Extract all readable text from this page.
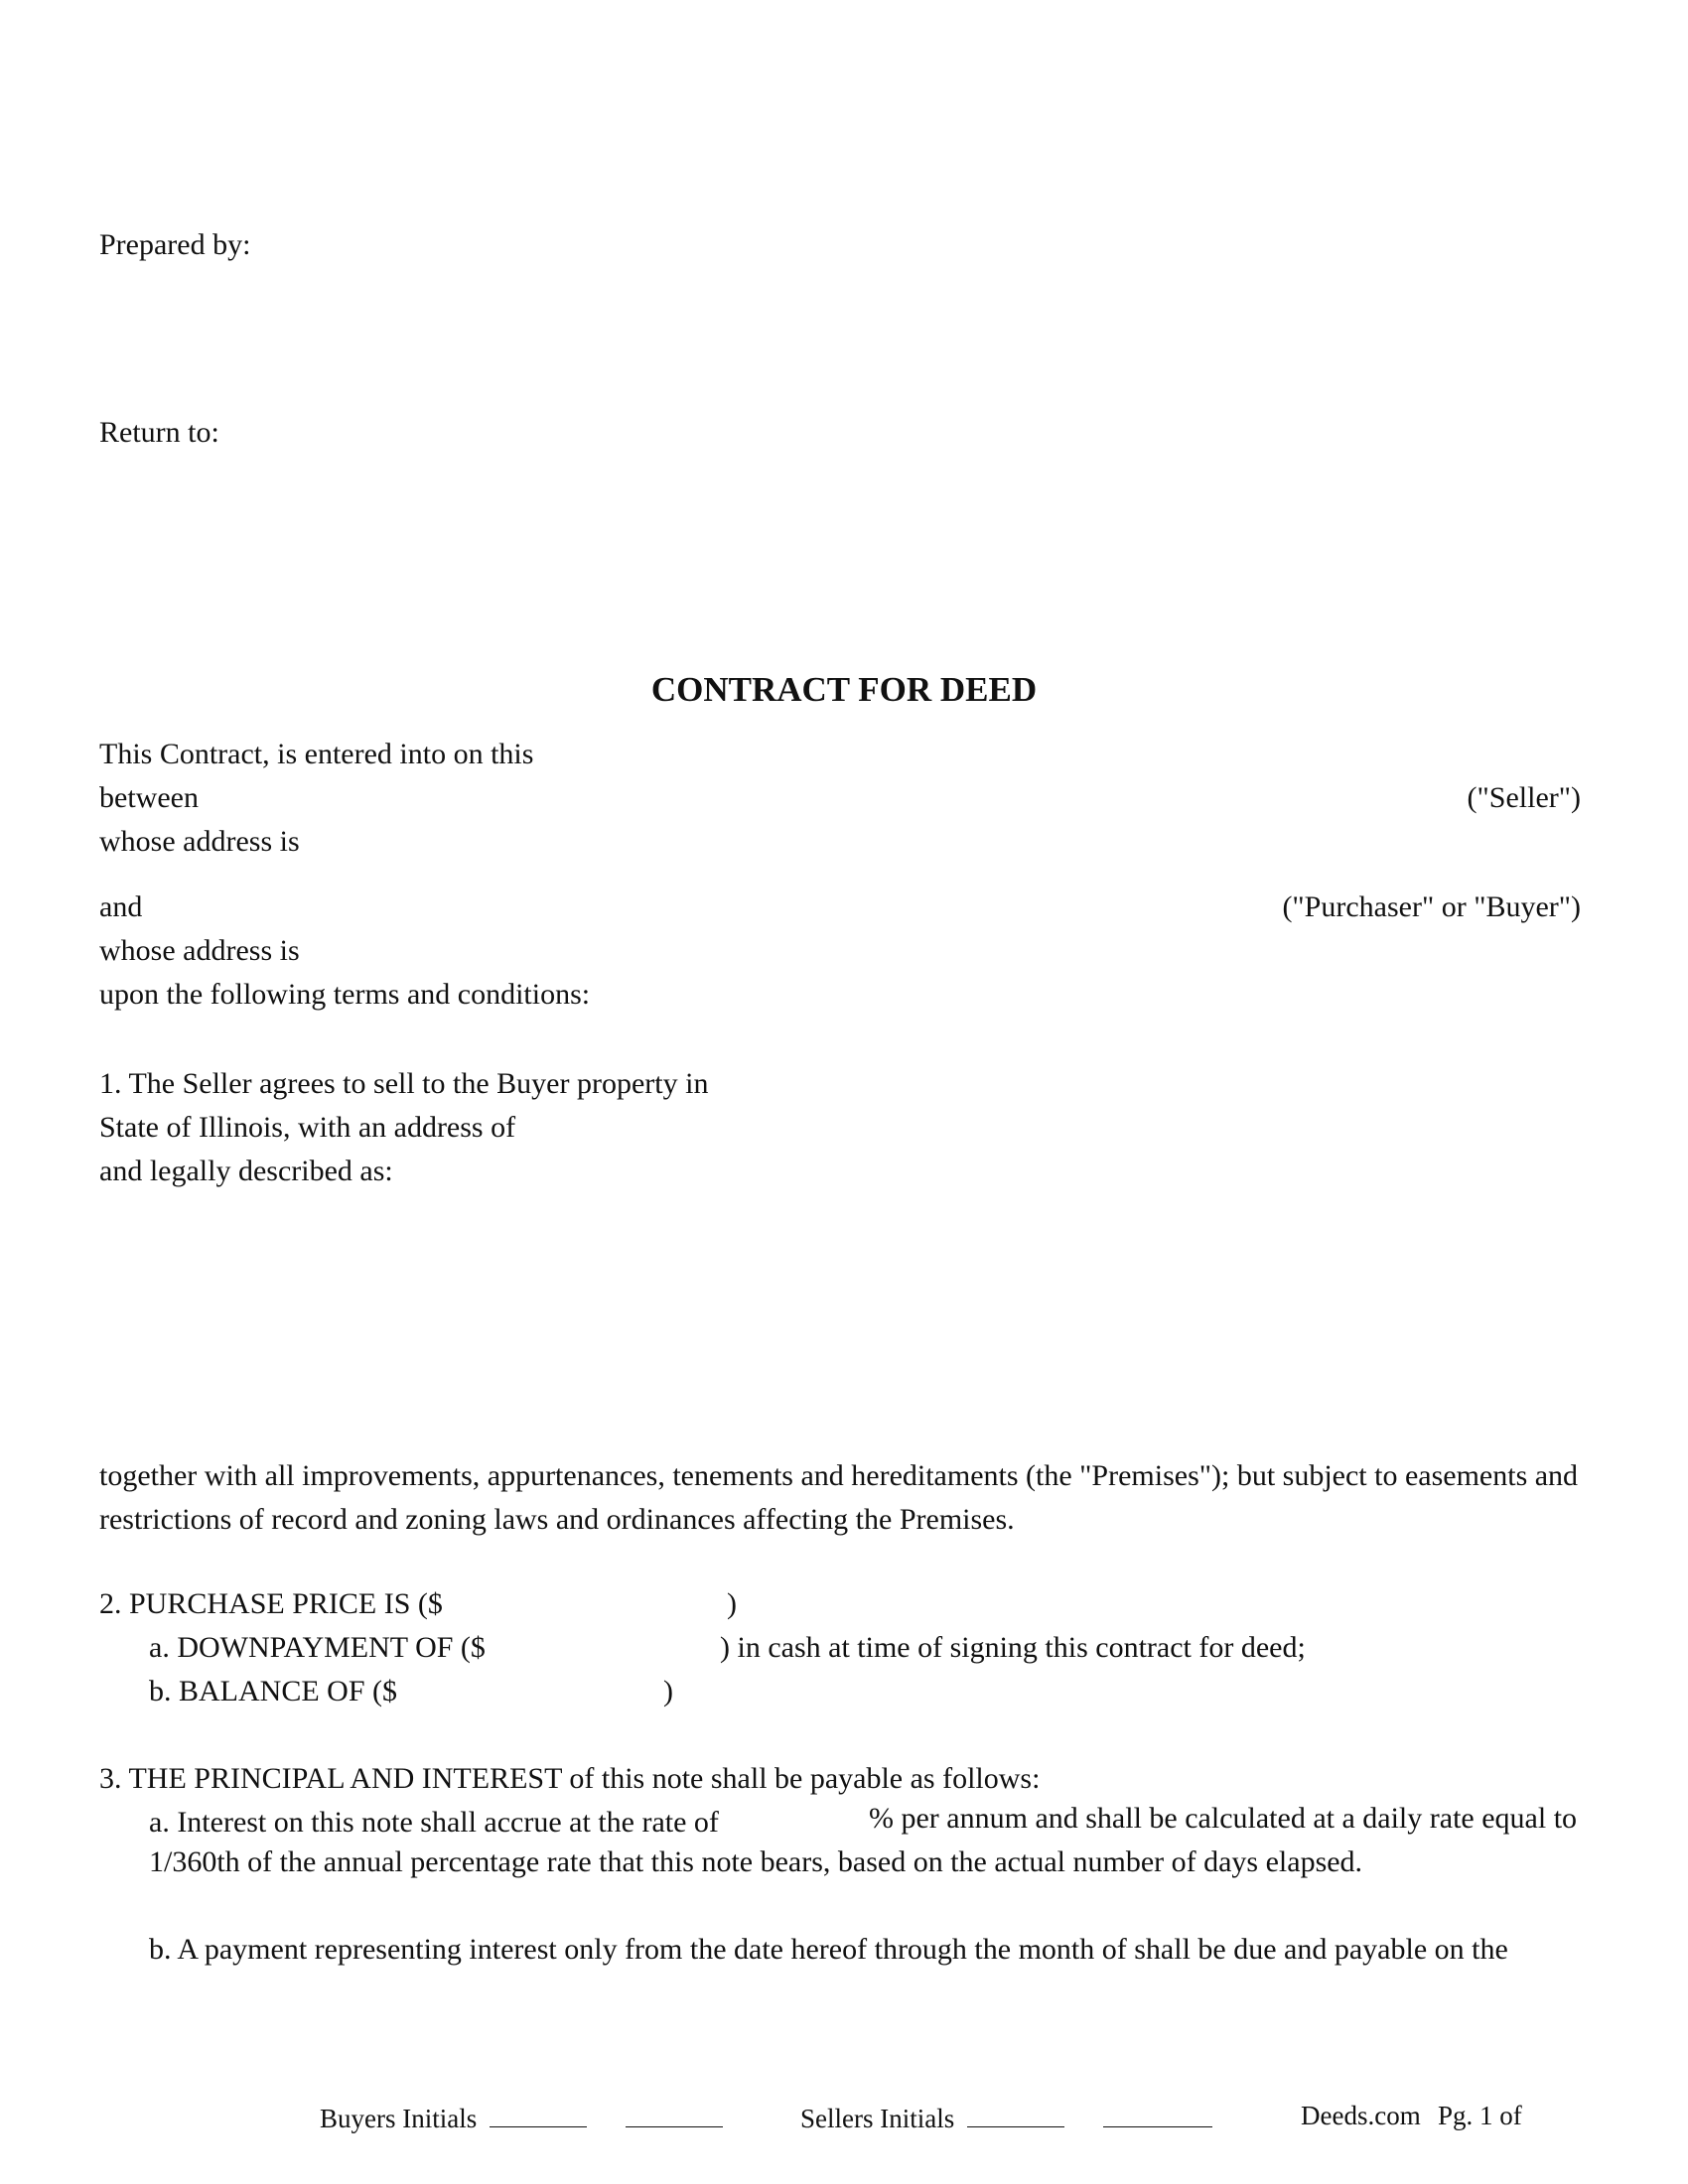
Prepared by:
Return to:
CONTRACT FOR DEED
This Contract, is entered into on this
between	("Seller")
whose address is
and	("Purchaser" or "Buyer")
whose address is
upon the following terms and conditions:
1. The Seller agrees to sell to the Buyer property in
State of Illinois, with an address of
and legally described as:
together with all improvements, appurtenances, tenements and hereditaments (the "Premises"); but subject to easements and restrictions of record and zoning laws and ordinances affecting the Premises.
2. PURCHASE PRICE IS ($	)
a. DOWNPAYMENT OF ($	) in cash at time of signing this contract for deed;
b. BALANCE OF ($	)
3. THE PRINCIPAL AND INTEREST of this note shall be payable as follows:
a. Interest on this note shall accrue at the rate of	% per annum and shall be calculated at a daily rate equal to 1/360th of the annual percentage rate that this note bears, based on the actual number of days elapsed.
b. A payment representing interest only from the date hereof through the month of shall be due and payable on the
Buyers Initials	Sellers Initials	Deeds.com Pg. 1 of
